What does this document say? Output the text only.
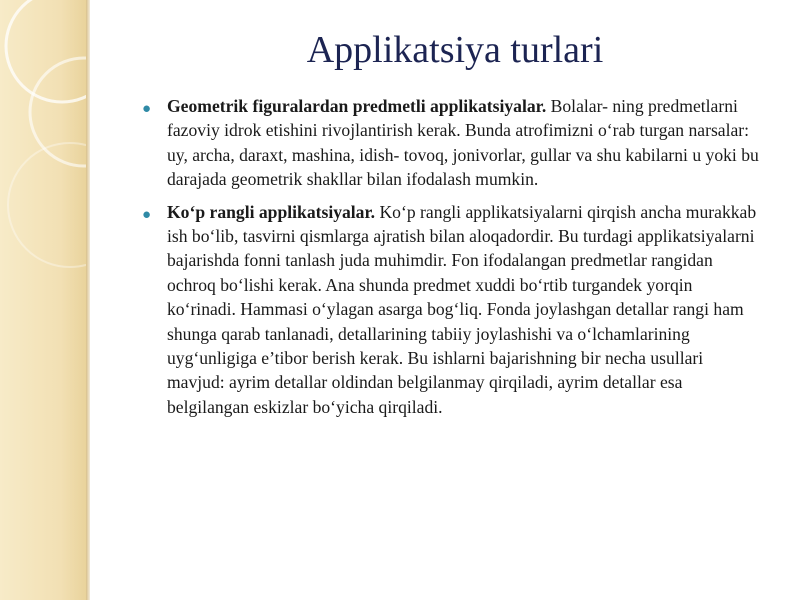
Applikatsiya turlari
● Geometrik figuralardan predmetli applikatsiyalar. Bolalar- ning predmetlarni fazoviy idrok etishini rivojlantirish kerak. Bunda atrofimizni o‘rab turgan narsalar: uy, archa, daraxt, mashina, idish- tovoq, jonivorlar, gullar va shu kabilarni u yoki bu darajada geometrik shakllar bilan ifodalash mumkin.
● Ko‘p rangli applikatsiyalar. Ko‘p rangli applikatsiyalarni qirqish ancha murakkab ish bo‘lib, tasvirni qismlarga ajratish bilan aloqadordir. Bu turdagi applikatsiyalarni bajarishda fonni tanlash juda muhimdir. Fon ifodalangan predmetlar rangidan ochroq bo‘lishi kerak. Ana shunda predmet xuddi bo‘rtib turgandek yorqin ko‘rinadi. Hammasi o‘ylagan asarga bog‘liq. Fonda joylashgan detallar rangi ham shunga qarab tanlanadi, detallarining tabiiy joylashishi va o‘lchamlarining uyg‘unligiga e’tibor berish kerak. Bu ishlarni bajarishning bir necha usullari mavjud: ayrim detallar oldindan belgilanmay qirqiladi, ayrim detallar esa belgilangan eskizlar bo‘yicha qirqiladi.
